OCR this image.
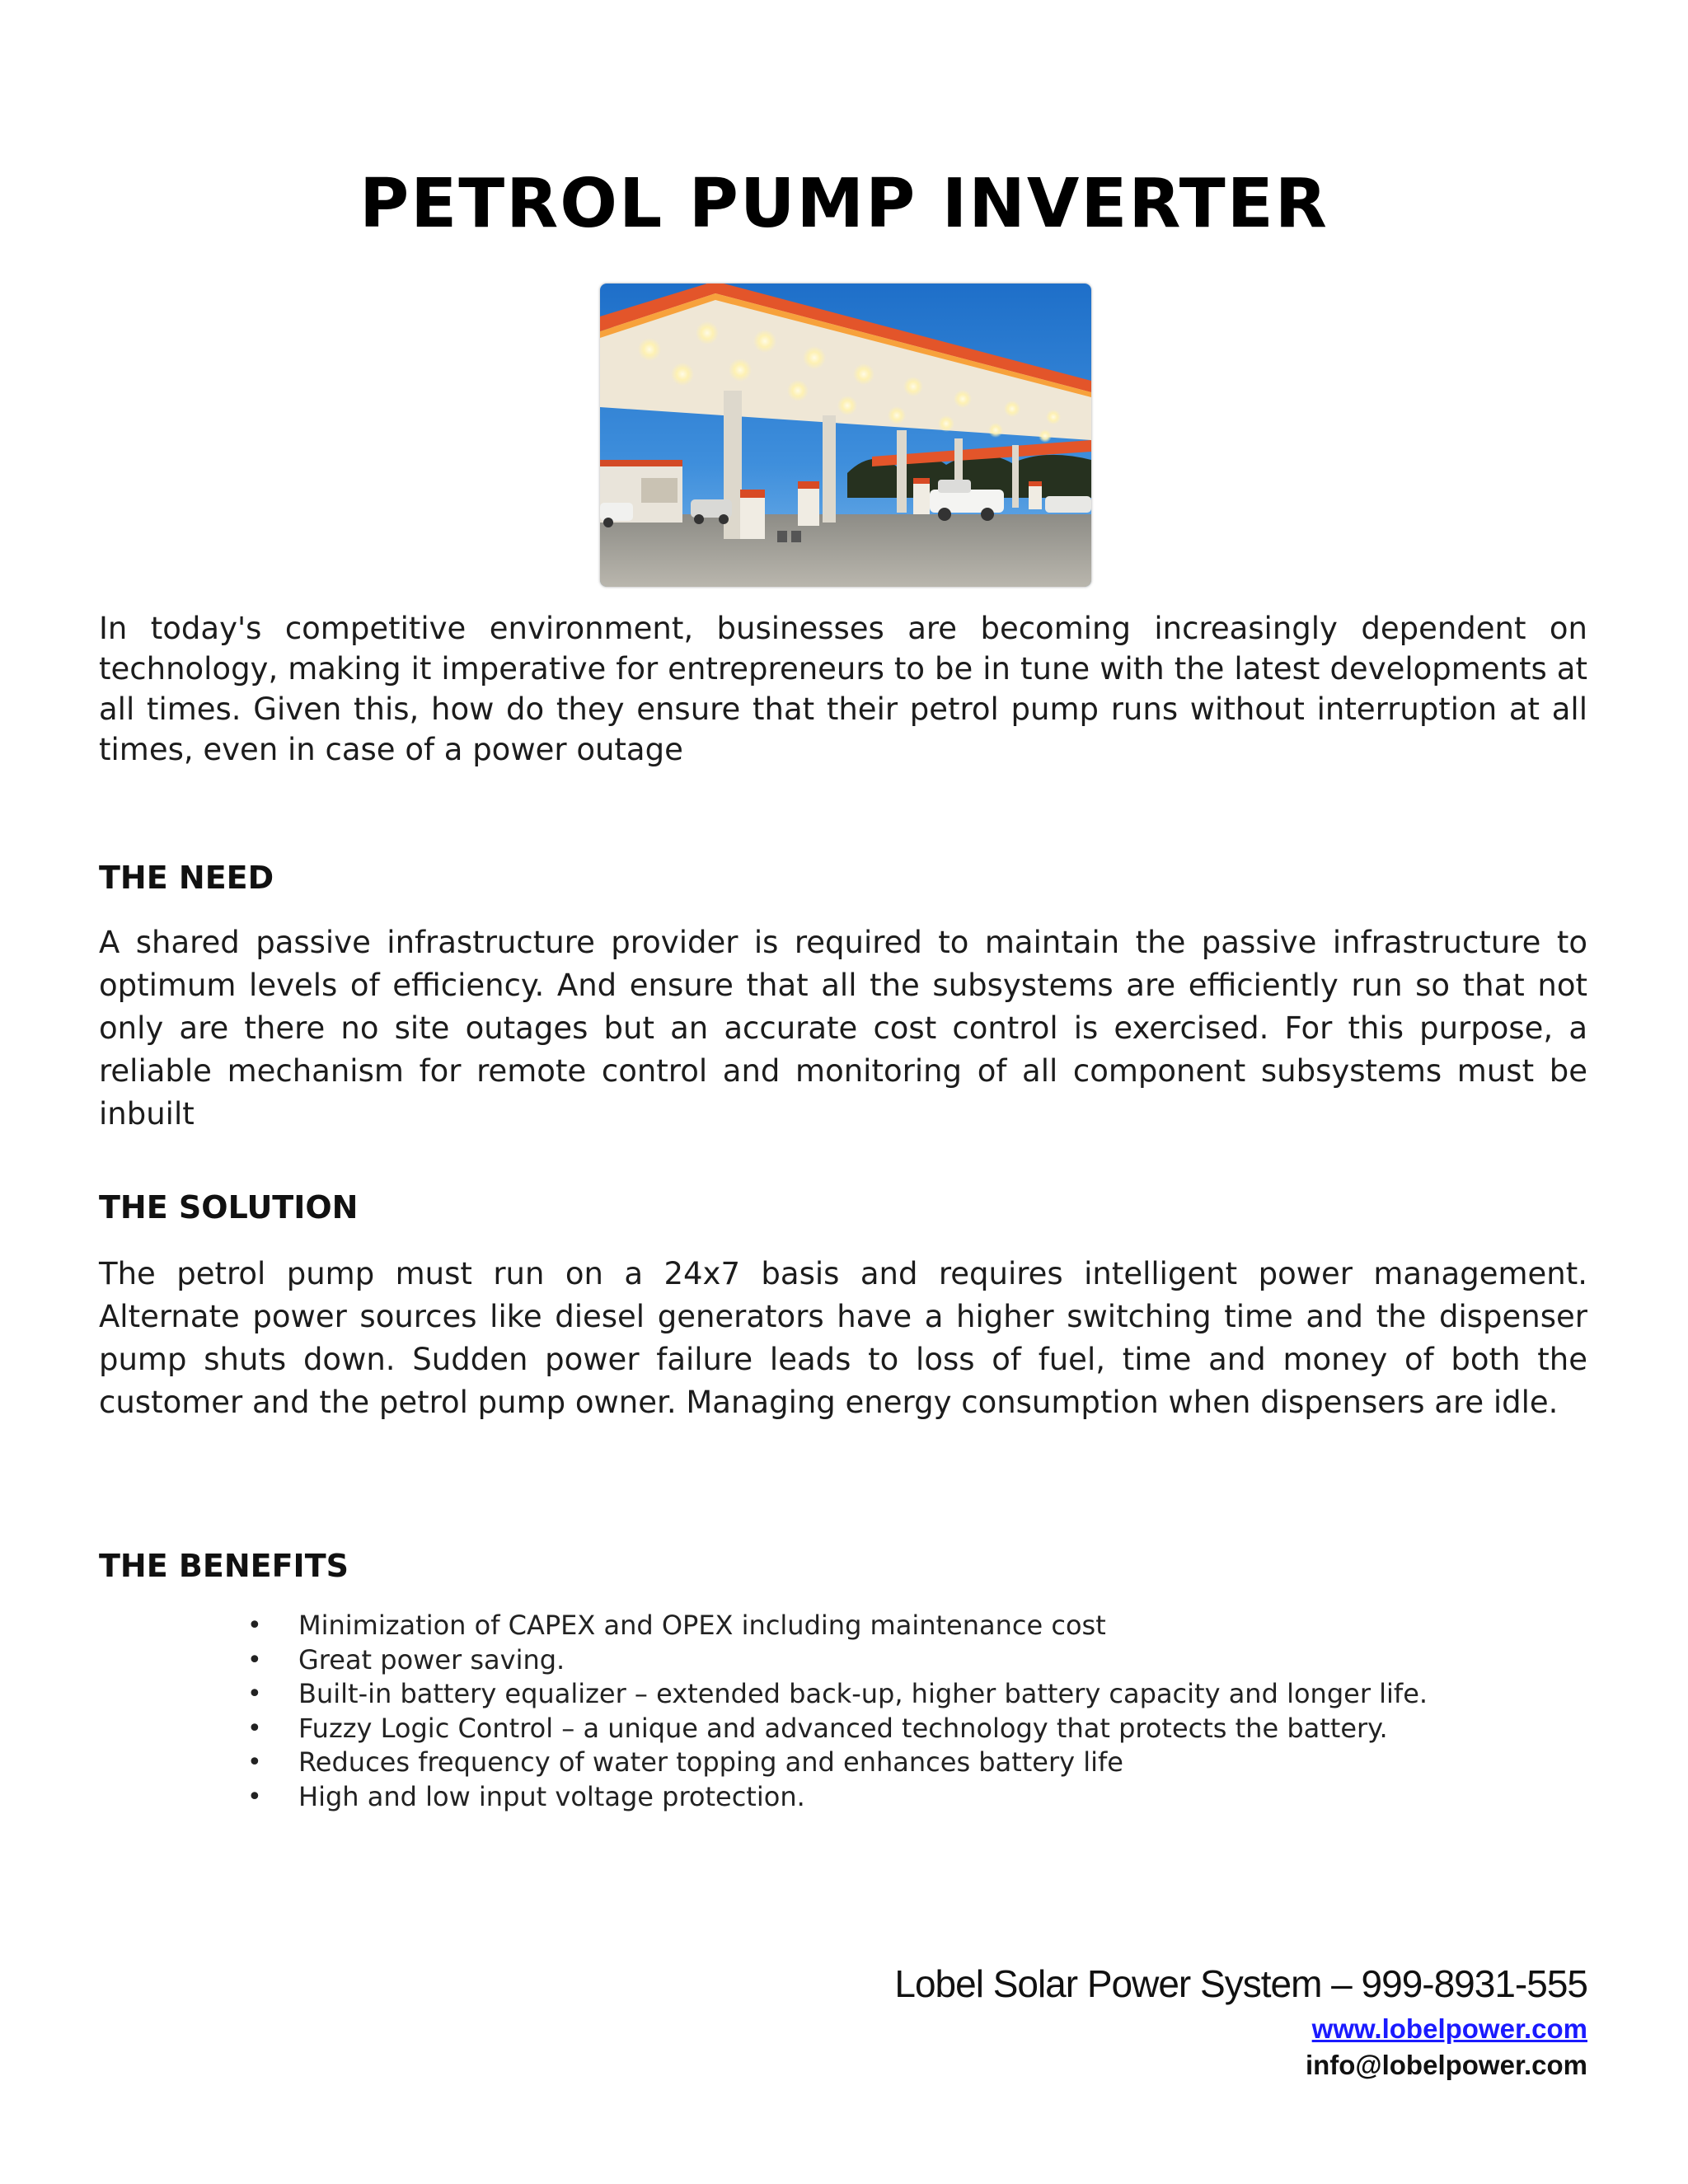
PETROL PUMP INVERTER

In today's competitive environment, businesses are becoming increasingly dependent on technology, making it imperative for entrepreneurs to be in tune with the latest developments at all times. Given this, how do they ensure that their petrol pump runs without interruption at all times, even in case of a power outage

THE NEED

A shared passive infrastructure provider is required to maintain the passive infrastructure to optimum levels of efficiency. And ensure that all the subsystems are efficiently run so that not only are there no site outages but an accurate cost control is exercised. For this purpose, a reliable mechanism for remote control and monitoring of all component subsystems must be inbuilt

THE SOLUTION

The petrol pump must run on a 24x7 basis and requires intelligent power management. Alternate power sources like diesel generators have a higher switching time and the dispenser pump shuts down. Sudden power failure leads to loss of fuel, time and money of both the customer and the petrol pump owner. Managing energy consumption when dispensers are idle.

THE BENEFITS
• Minimization of CAPEX and OPEX including maintenance cost
• Great power saving.
• Built-in battery equalizer – extended back-up, higher battery capacity and longer life.
• Fuzzy Logic Control – a unique and advanced technology that protects the battery.
• Reduces frequency of water topping and enhances battery life
• High and low input voltage protection.
Lobel Solar Power System – 999-8931-555
www.lobelpower.com
info@lobelpower.com
